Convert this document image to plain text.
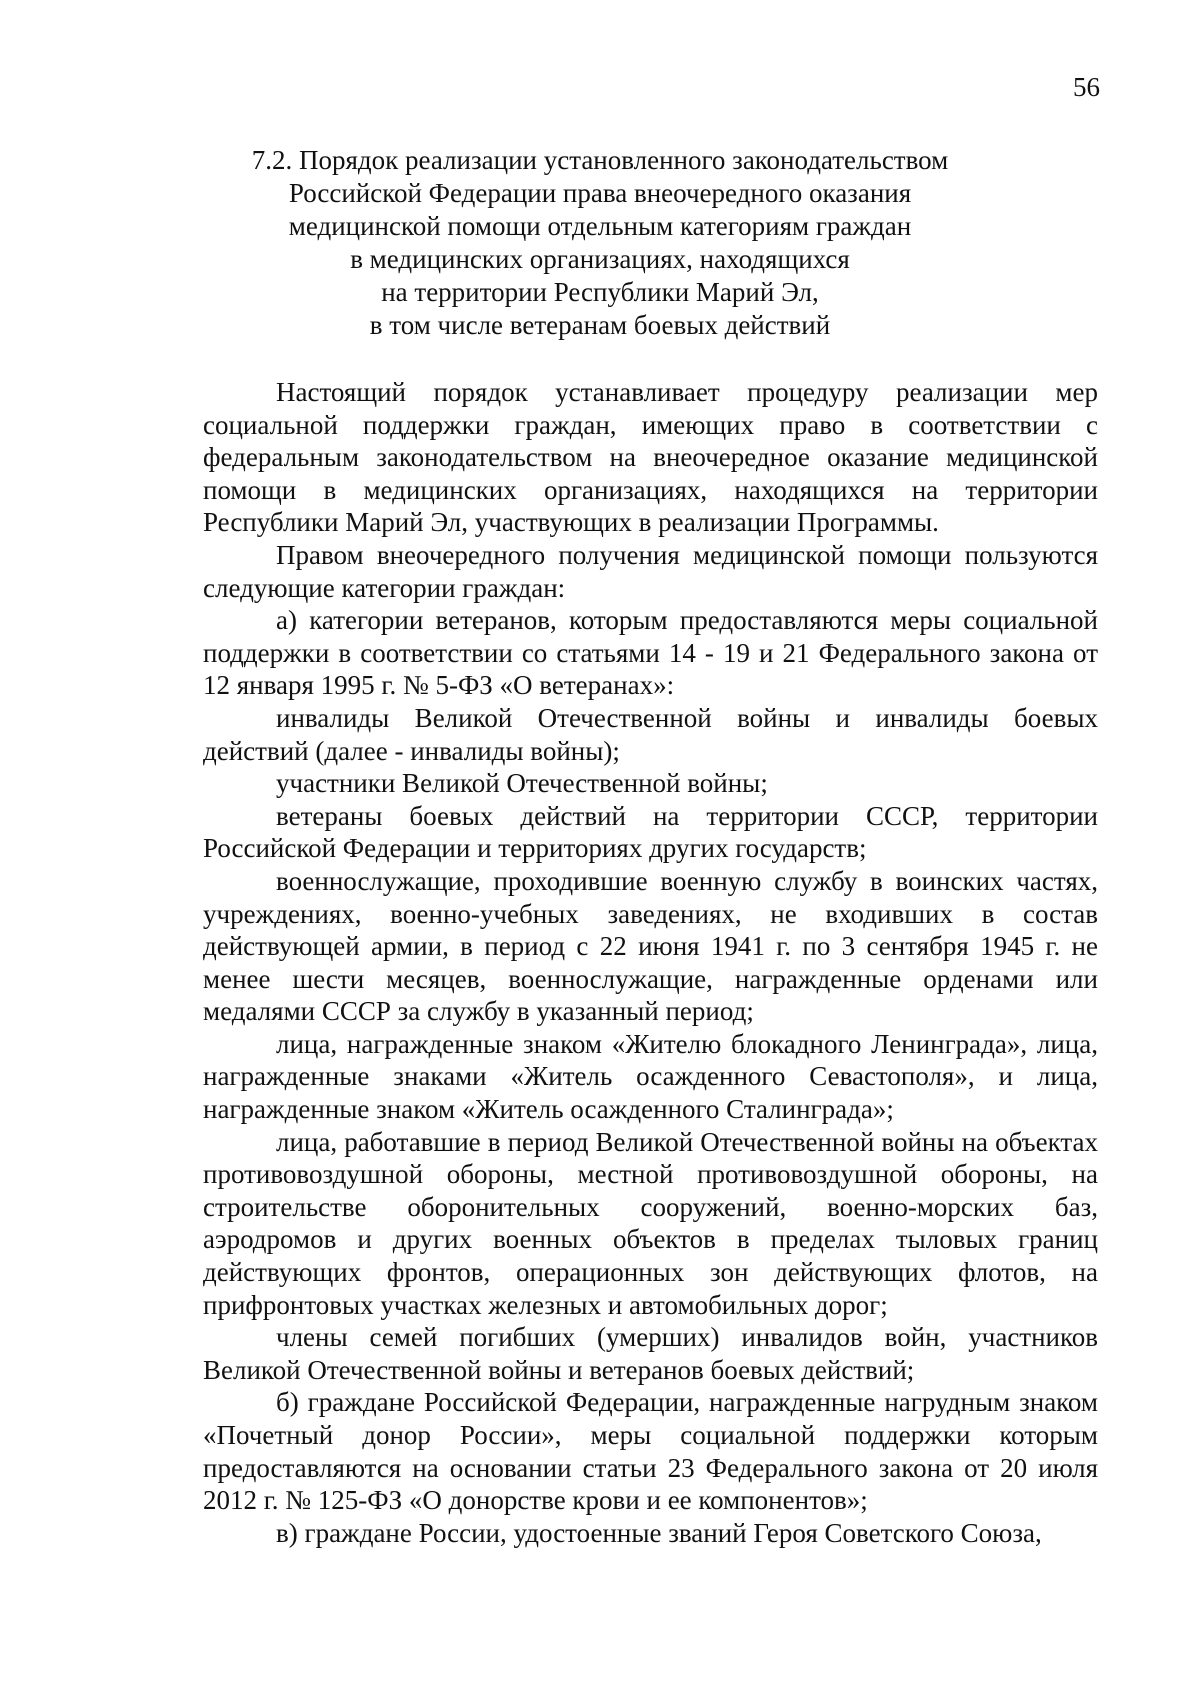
56
7.2. Порядок реализации установленного законодательством
Российской Федерации права внеочередного оказания
медицинской помощи отдельным категориям граждан
в медицинских организациях, находящихся
на территории Республики Марий Эл,
в том числе ветеранам боевых действий

Настоящий порядок устанавливает процедуру реализации мер социальной поддержки граждан, имеющих право в соответствии с федеральным законодательством на внеочередное оказание медицинской помощи в медицинских организациях, находящихся на территории Республики Марий Эл, участвующих в реализации Программы.

Правом внеочередного получения медицинской помощи пользуются следующие категории граждан:

а) категории ветеранов, которым предоставляются меры социальной поддержки в соответствии со статьями 14 - 19 и 21 Федерального закона от 12 января 1995 г. № 5-ФЗ «О ветеранах»:

инвалиды Великой Отечественной войны и инвалиды боевых действий (далее - инвалиды войны);

участники Великой Отечественной войны;

ветераны боевых действий на территории СССР, территории Российской Федерации и территориях других государств;

военнослужащие, проходившие военную службу в воинских частях, учреждениях, военно-учебных заведениях, не входивших в состав действующей армии, в период с 22 июня 1941 г. по 3 сентября 1945 г. не менее шести месяцев, военнослужащие, награжденные орденами или медалями СССР за службу в указанный период;

лица, награжденные знаком «Жителю блокадного Ленинграда», лица, награжденные знаками «Житель осажденного Севастополя», и лица, награжденные знаком «Житель осажденного Сталинграда»;

лица, работавшие в период Великой Отечественной войны на объектах противовоздушной обороны, местной противовоздушной обороны, на строительстве оборонительных сооружений, военно-морских баз, аэродромов и других военных объектов в пределах тыловых границ действующих фронтов, операционных зон действующих флотов, на прифронтовых участках железных и автомобильных дорог;

члены семей погибших (умерших) инвалидов войн, участников Великой Отечественной войны и ветеранов боевых действий;

б) граждане Российской Федерации, награжденные нагрудным знаком «Почетный донор России», меры социальной поддержки которым предоставляются на основании статьи 23 Федерального закона от 20 июля 2012 г. № 125-ФЗ «О донорстве крови и ее компонентов»;

в) граждане России, удостоенные званий Героя Советского Союза,
